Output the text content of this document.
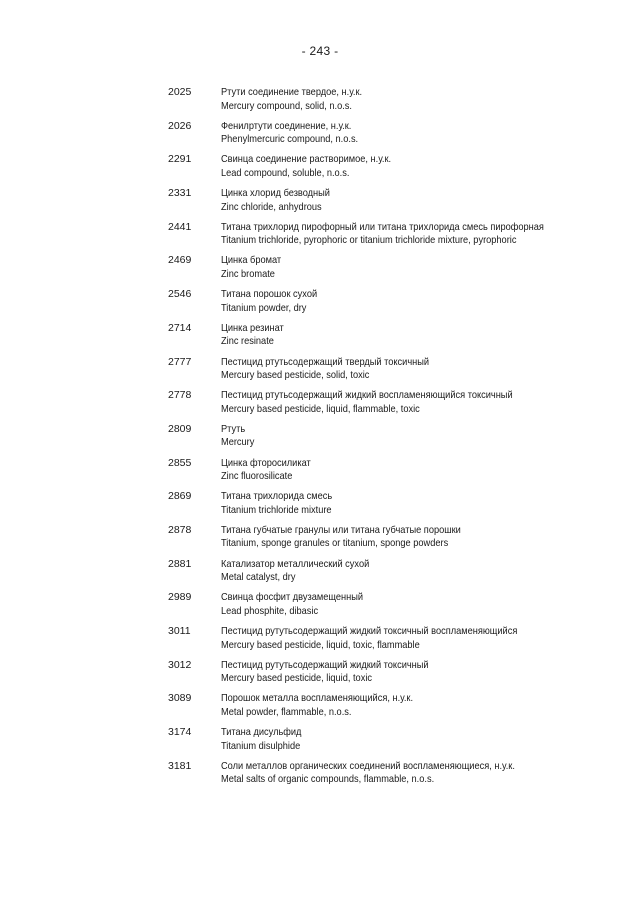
- 243 -
2025	Ртути соединение твердое, н.у.к.
Mercury compound, solid, n.o.s.
2026	Фенилртути соединение, н.у.к.
Phenylmercuric compound, n.o.s.
2291	Свинца соединение растворимое, н.у.к.
Lead compound, soluble, n.o.s.
2331	Цинка хлорид безводный
Zinc chloride, anhydrous
2441	Титана трихлорид пирофорный или титана трихлорида смесь пирофорная
Titanium trichloride, pyrophoric or titanium trichloride mixture, pyrophoric
2469	Цинка бромат
Zinc bromate
2546	Титана порошок сухой
Titanium powder, dry
2714	Цинка резинат
Zinc resinate
2777	Пестицид ртутьсодержащий твердый токсичный
Mercury based pesticide, solid, toxic
2778	Пестицид ртутьсодержащий жидкий воспламеняющийся токсичный
Mercury based pesticide, liquid, flammable, toxic
2809	Ртуть
Mercury
2855	Цинка фторосиликат
Zinc fluorosilicate
2869	Титана трихлорида смесь
Titanium trichloride mixture
2878	Титана губчатые гранулы или титана губчатые порошки
Titanium, sponge granules or titanium, sponge powders
2881	Катализатор металлический сухой
Metal catalyst, dry
2989	Свинца фосфит двузамещенный
Lead phosphite, dibasic
3011	Пестицид рутутьсодержащий жидкий токсичный воспламеняющийся
Mercury based pesticide, liquid, toxic, flammable
3012	Пестицид рутутьсодержащий жидкий токсичный
Mercury based pesticide, liquid, toxic
3089	Порошок металла воспламеняющийся, н.у.к.
Metal powder, flammable, n.o.s.
3174	Титана дисульфид
Titanium disulphide
3181	Соли металлов органических соединений воспламеняющиеся, н.у.к.
Metal salts of organic compounds, flammable, n.o.s.
